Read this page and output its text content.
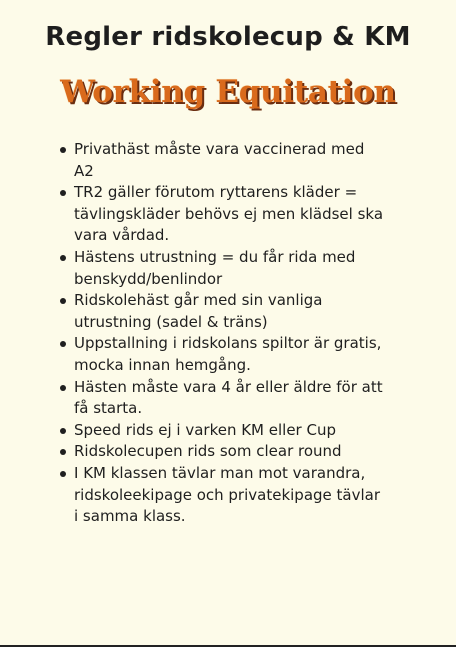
Regler ridskolecup & KM
Working Equitation
Privathäst måste vara vaccinerad med A2
TR2 gäller förutom ryttarens kläder = tävlingskläder behövs ej men klädsel ska vara vårdad.
Hästens utrustning = du får rida med benskydd/benlindor
Ridskolehäst går med sin vanliga utrustning (sadel & träns)
Uppstallning i ridskolans spiltor är gratis, mocka innan hemgång.
Hästen måste vara 4 år eller äldre för att få starta.
Speed rids ej i varken KM eller Cup
Ridskolecupen rids som clear round
I KM klassen tävlar man mot varandra, ridskoleekipage och privatekipage tävlar i samma klass.
